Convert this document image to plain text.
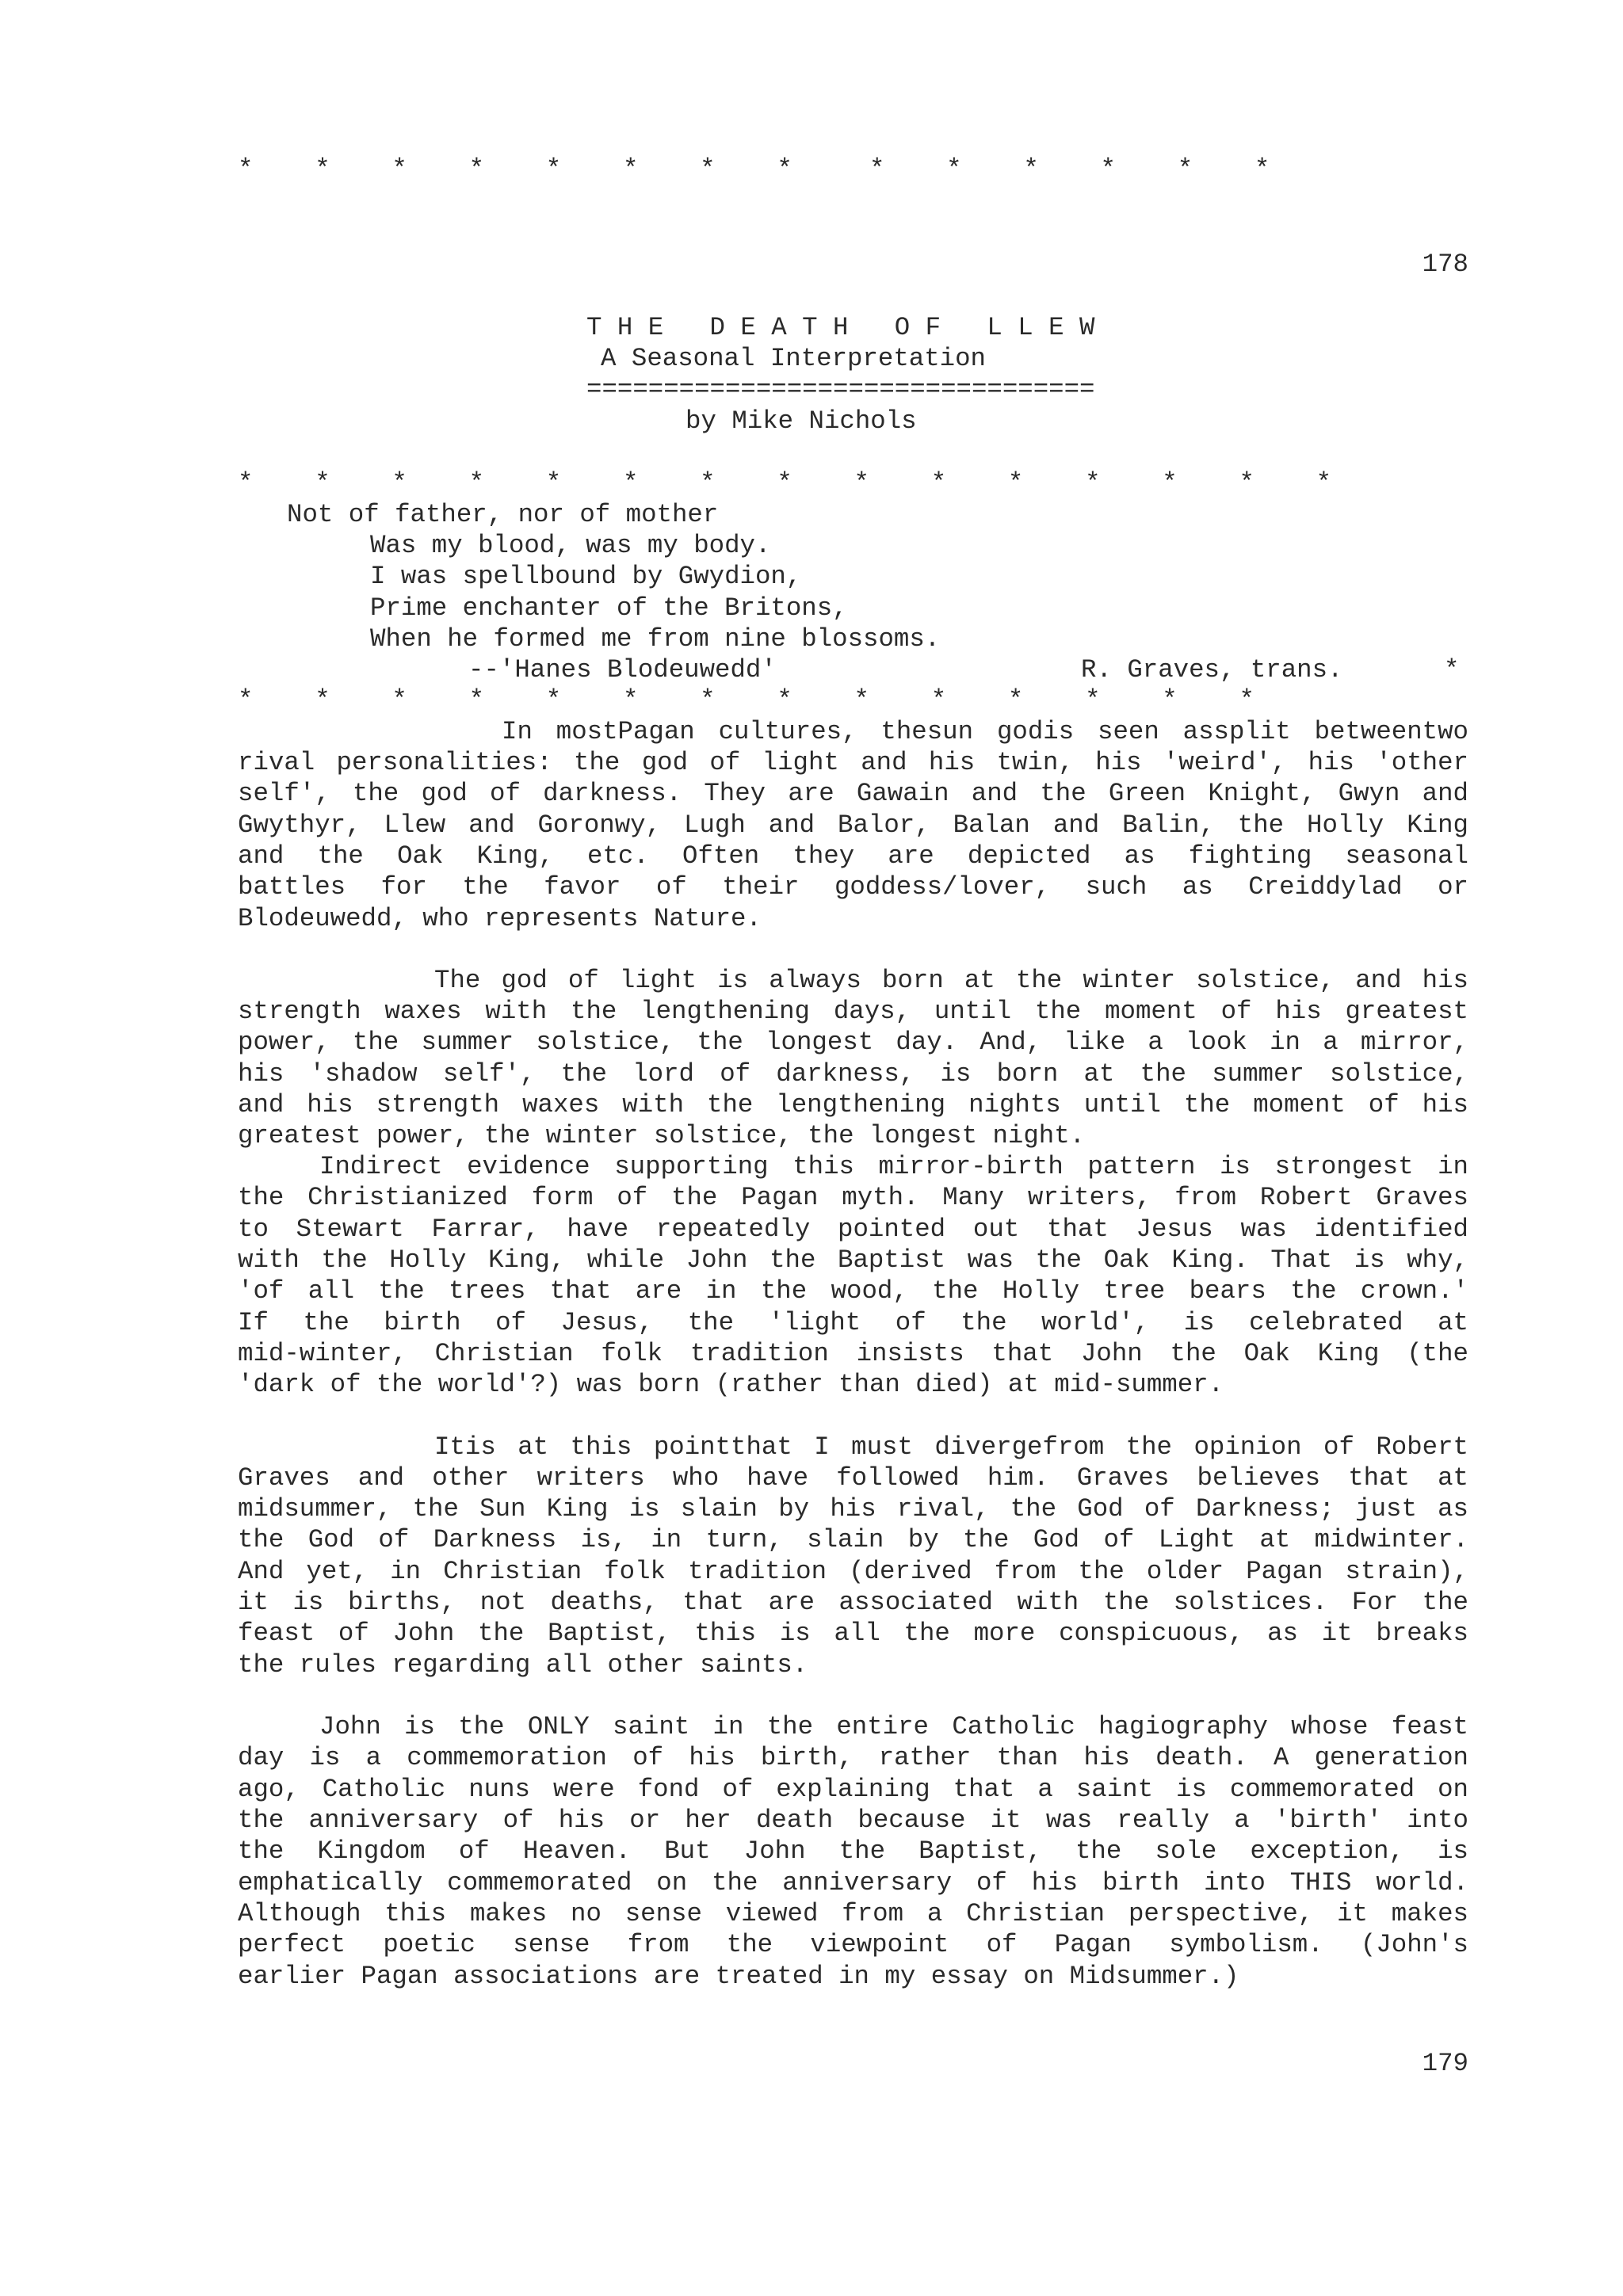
*    *    *    *    *    *    *    *     *    *    *    *    *    *
178
T H E   D E A T H   O F   L L E W
A Seasonal Interpretation
=================================
by Mike Nichols
*    *    *    *    *    *    *    *    *    *    *    *    *    *    *
Not of father, nor of mother
Was my blood, was my body.
I was spellbound by Gwydion,
Prime enchanter of the Britons,
When he formed me from nine blossoms.
--'Hanes Blodeuwedd'	R. Graves, trans.	*
*    *    *    *    *    *    *    *    *    *    *    *    *    *
In mostPagan cultures, thesun godis seen assplit betweentwo
rival personalities: the god of light and his twin, his 'weird', his 'other
self', the god of darkness. They are Gawain and the Green Knight, Gwyn and
Gwythyr, Llew and Goronwy, Lugh and Balor, Balan and Balin, the Holly King
and the Oak King, etc. Often they are depicted as fighting seasonal
battles for the favor of their goddess/lover, such as Creiddylad or
Blodeuwedd, who represents Nature.
The god of light is always born at the winter solstice, and his
strength waxes with the lengthening days, until the moment of his greatest
power, the summer solstice, the longest day. And, like a look in a mirror,
his 'shadow self', the lord of darkness, is born at the summer solstice,
and his strength waxes with the lengthening nights until the moment of his
greatest power, the winter solstice, the longest night.
Indirect evidence supporting this mirror-birth pattern is strongest in
the Christianized form of the Pagan myth. Many writers, from Robert Graves
to Stewart Farrar, have repeatedly pointed out that Jesus was identified
with the Holly King, while John the Baptist was the Oak King. That is why,
'of all the trees that are in the wood, the Holly tree bears the crown.'
If the birth of Jesus, the 'light of the world', is celebrated at
mid-winter, Christian folk tradition insists that John the Oak King (the
'dark of the world'?) was born (rather than died) at mid-summer.
Itis at this pointthat I must divergefrom the opinion of Robert
Graves and other writers who have followed him. Graves believes that at
midsummer, the Sun King is slain by his rival, the God of Darkness; just as
the God of Darkness is, in turn, slain by the God of Light at midwinter.
And yet, in Christian folk tradition (derived from the older Pagan strain),
it is births, not deaths, that are associated with the solstices. For the
feast of John the Baptist, this is all the more conspicuous, as it breaks
the rules regarding all other saints.
John is the ONLY saint in the entire Catholic hagiography whose feast
day is a commemoration of his birth, rather than his death. A generation
ago, Catholic nuns were fond of explaining that a saint is commemorated on
the anniversary of his or her death because it was really a 'birth' into
the Kingdom of Heaven. But John the Baptist, the sole exception, is
emphatically commemorated on the anniversary of his birth into THIS world.
Although this makes no sense viewed from a Christian perspective, it makes
perfect poetic sense from the viewpoint of Pagan symbolism. (John's
earlier Pagan associations are treated in my essay on Midsummer.)
179
